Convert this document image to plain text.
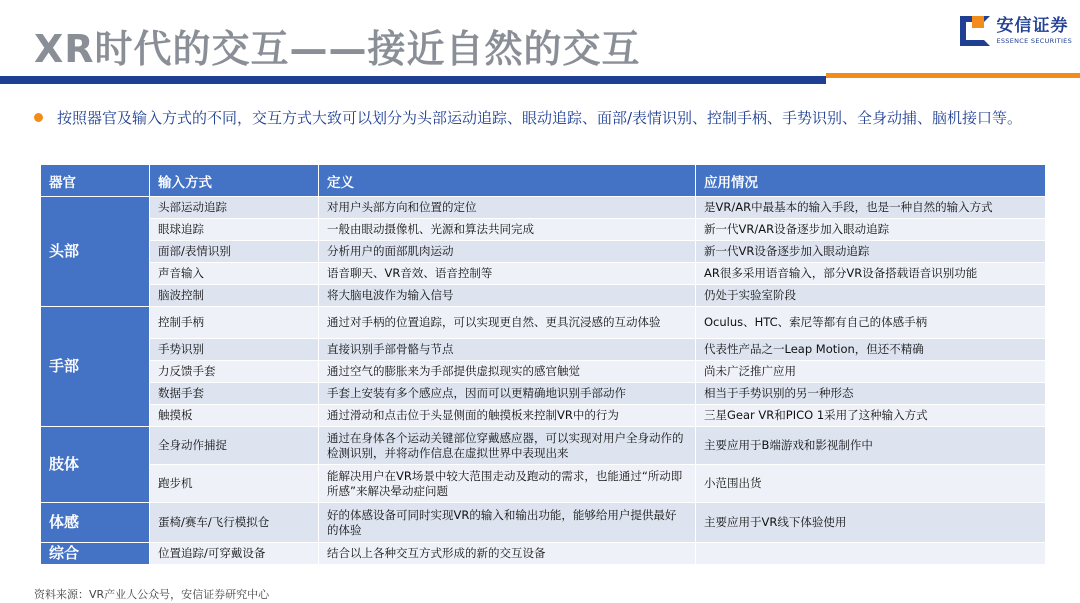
XR时代的交互——接近自然的交互
安信证券
ESSENCE SECURITIES
按照器官及输入方式的不同，交互方式大致可以划分为头部运动追踪、眼动追踪、面部/表情识别、控制手柄、手势识别、全身动捕、脑机接口等。
器官	输入方式	定义	应用情况
头部	头部运动追踪	对用户头部方向和位置的定位	是VR/AR中最基本的输入手段，也是一种自然的输入方式
	眼球追踪	一般由眼动摄像机、光源和算法共同完成	新一代VR/AR设备逐步加入眼动追踪
	面部/表情识别	分析用户的面部肌肉运动	新一代VR设备逐步加入眼动追踪
	声音输入	语音聊天、VR音效、语音控制等	AR很多采用语音输入，部分VR设备搭载语音识别功能
	脑波控制	将大脑电波作为输入信号	仍处于实验室阶段
手部	控制手柄	通过对手柄的位置追踪，可以实现更自然、更具沉浸感的互动体验	Oculus、HTC、索尼等都有自己的体感手柄
	手势识别	直接识别手部骨骼与节点	代表性产品之一Leap Motion，但还不精确
	力反馈手套	通过空气的膨胀来为手部提供虚拟现实的感官触觉	尚未广泛推广应用
	数据手套	手套上安装有多个感应点，因而可以更精确地识别手部动作	相当于手势识别的另一种形态
	触摸板	通过滑动和点击位于头显侧面的触摸板来控制VR中的行为	三星Gear VR和PICO 1采用了这种输入方式
肢体	全身动作捕捉	通过在身体各个运动关键部位穿戴感应器，可以实现对用户全身动作的检测识别，并将动作信息在虚拟世界中表现出来	主要应用于B端游戏和影视制作中
	跑步机	能解决用户在VR场景中较大范围走动及跑动的需求，也能通过“所动即所感”来解决晕动症问题	小范围出货
体感	蛋椅/赛车/飞行模拟仓	好的体感设备可同时实现VR的输入和输出功能，能够给用户提供最好的体验	主要应用于VR线下体验使用
综合	位置追踪/可穿戴设备	结合以上各种交互方式形成的新的交互设备	
资料来源：VR产业人公众号，安信证券研究中心
